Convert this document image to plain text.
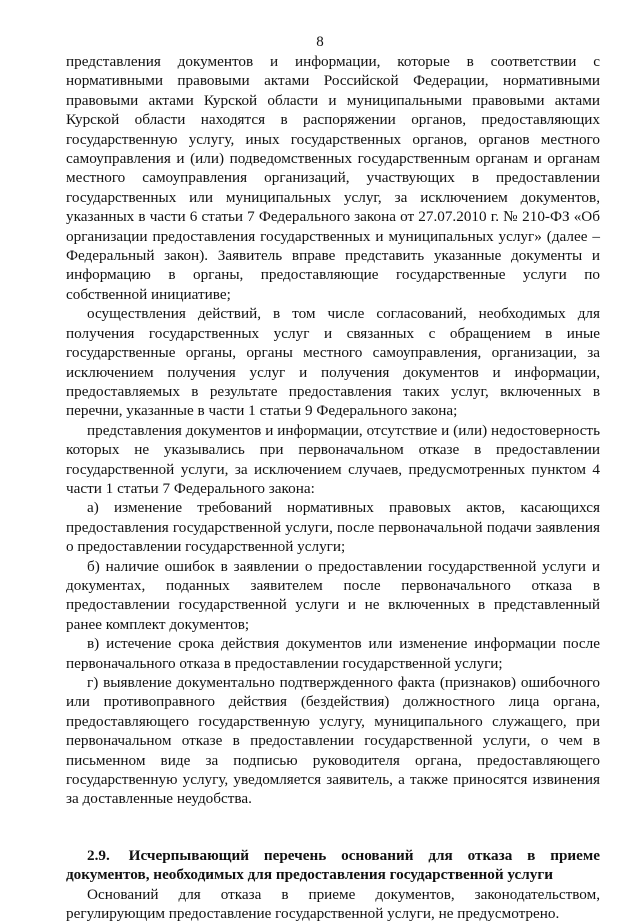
8

представления документов и информации, которые в соответствии с нормативными правовыми актами Российской Федерации, нормативными правовыми актами Курской области и муниципальными правовыми актами Курской области находятся в распоряжении органов, предоставляющих государственную услугу, иных государственных органов, органов местного самоуправления и (или) подведомственных государственным органам и органам местного самоуправления организаций, участвующих в предоставлении государственных или муниципальных услуг, за исключением документов, указанных в части 6 статьи 7 Федерального закона от 27.07.2010 г. № 210-ФЗ «Об организации предоставления государственных и муниципальных услуг» (далее – Федеральный закон). Заявитель вправе представить указанные документы и информацию в органы, предоставляющие государственные услуги по собственной инициативе;

осуществления действий, в том числе согласований, необходимых для получения государственных услуг и связанных с обращением в иные государственные органы, органы местного самоуправления, организации, за исключением получения услуг и получения документов и информации, предоставляемых в результате предоставления таких услуг, включенных в перечни, указанные в части 1 статьи 9 Федерального закона;

представления документов и информации, отсутствие и (или) недостоверность которых не указывались при первоначальном отказе в предоставлении государственной услуги, за исключением случаев, предусмотренных пунктом 4 части 1 статьи 7 Федерального закона:

а) изменение требований нормативных правовых актов, касающихся предоставления государственной услуги, после первоначальной подачи заявления о предоставлении государственной услуги;

б) наличие ошибок в заявлении о предоставлении государственной услуги и документах, поданных заявителем после первоначального отказа в предоставлении государственной услуги и не включенных в представленный ранее комплект документов;

в) истечение срока действия документов или изменение информации после первоначального отказа в предоставлении государственной услуги;

г) выявление документально подтвержденного факта (признаков) ошибочного или противоправного действия (бездействия) должностного лица органа, предоставляющего государственную услугу, муниципального служащего, при первоначальном отказе в предоставлении государственной услуги, о чем в письменном виде за подписью руководителя органа, предоставляющего государственную услугу, уведомляется заявитель, а также приносятся извинения за доставленные неудобства.

2.9. Исчерпывающий перечень оснований для отказа в приеме документов, необходимых для предоставления государственной услуги

Оснований для отказа в приеме документов, законодательством, регулирующим предоставление государственной услуги, не предусмотрено.
